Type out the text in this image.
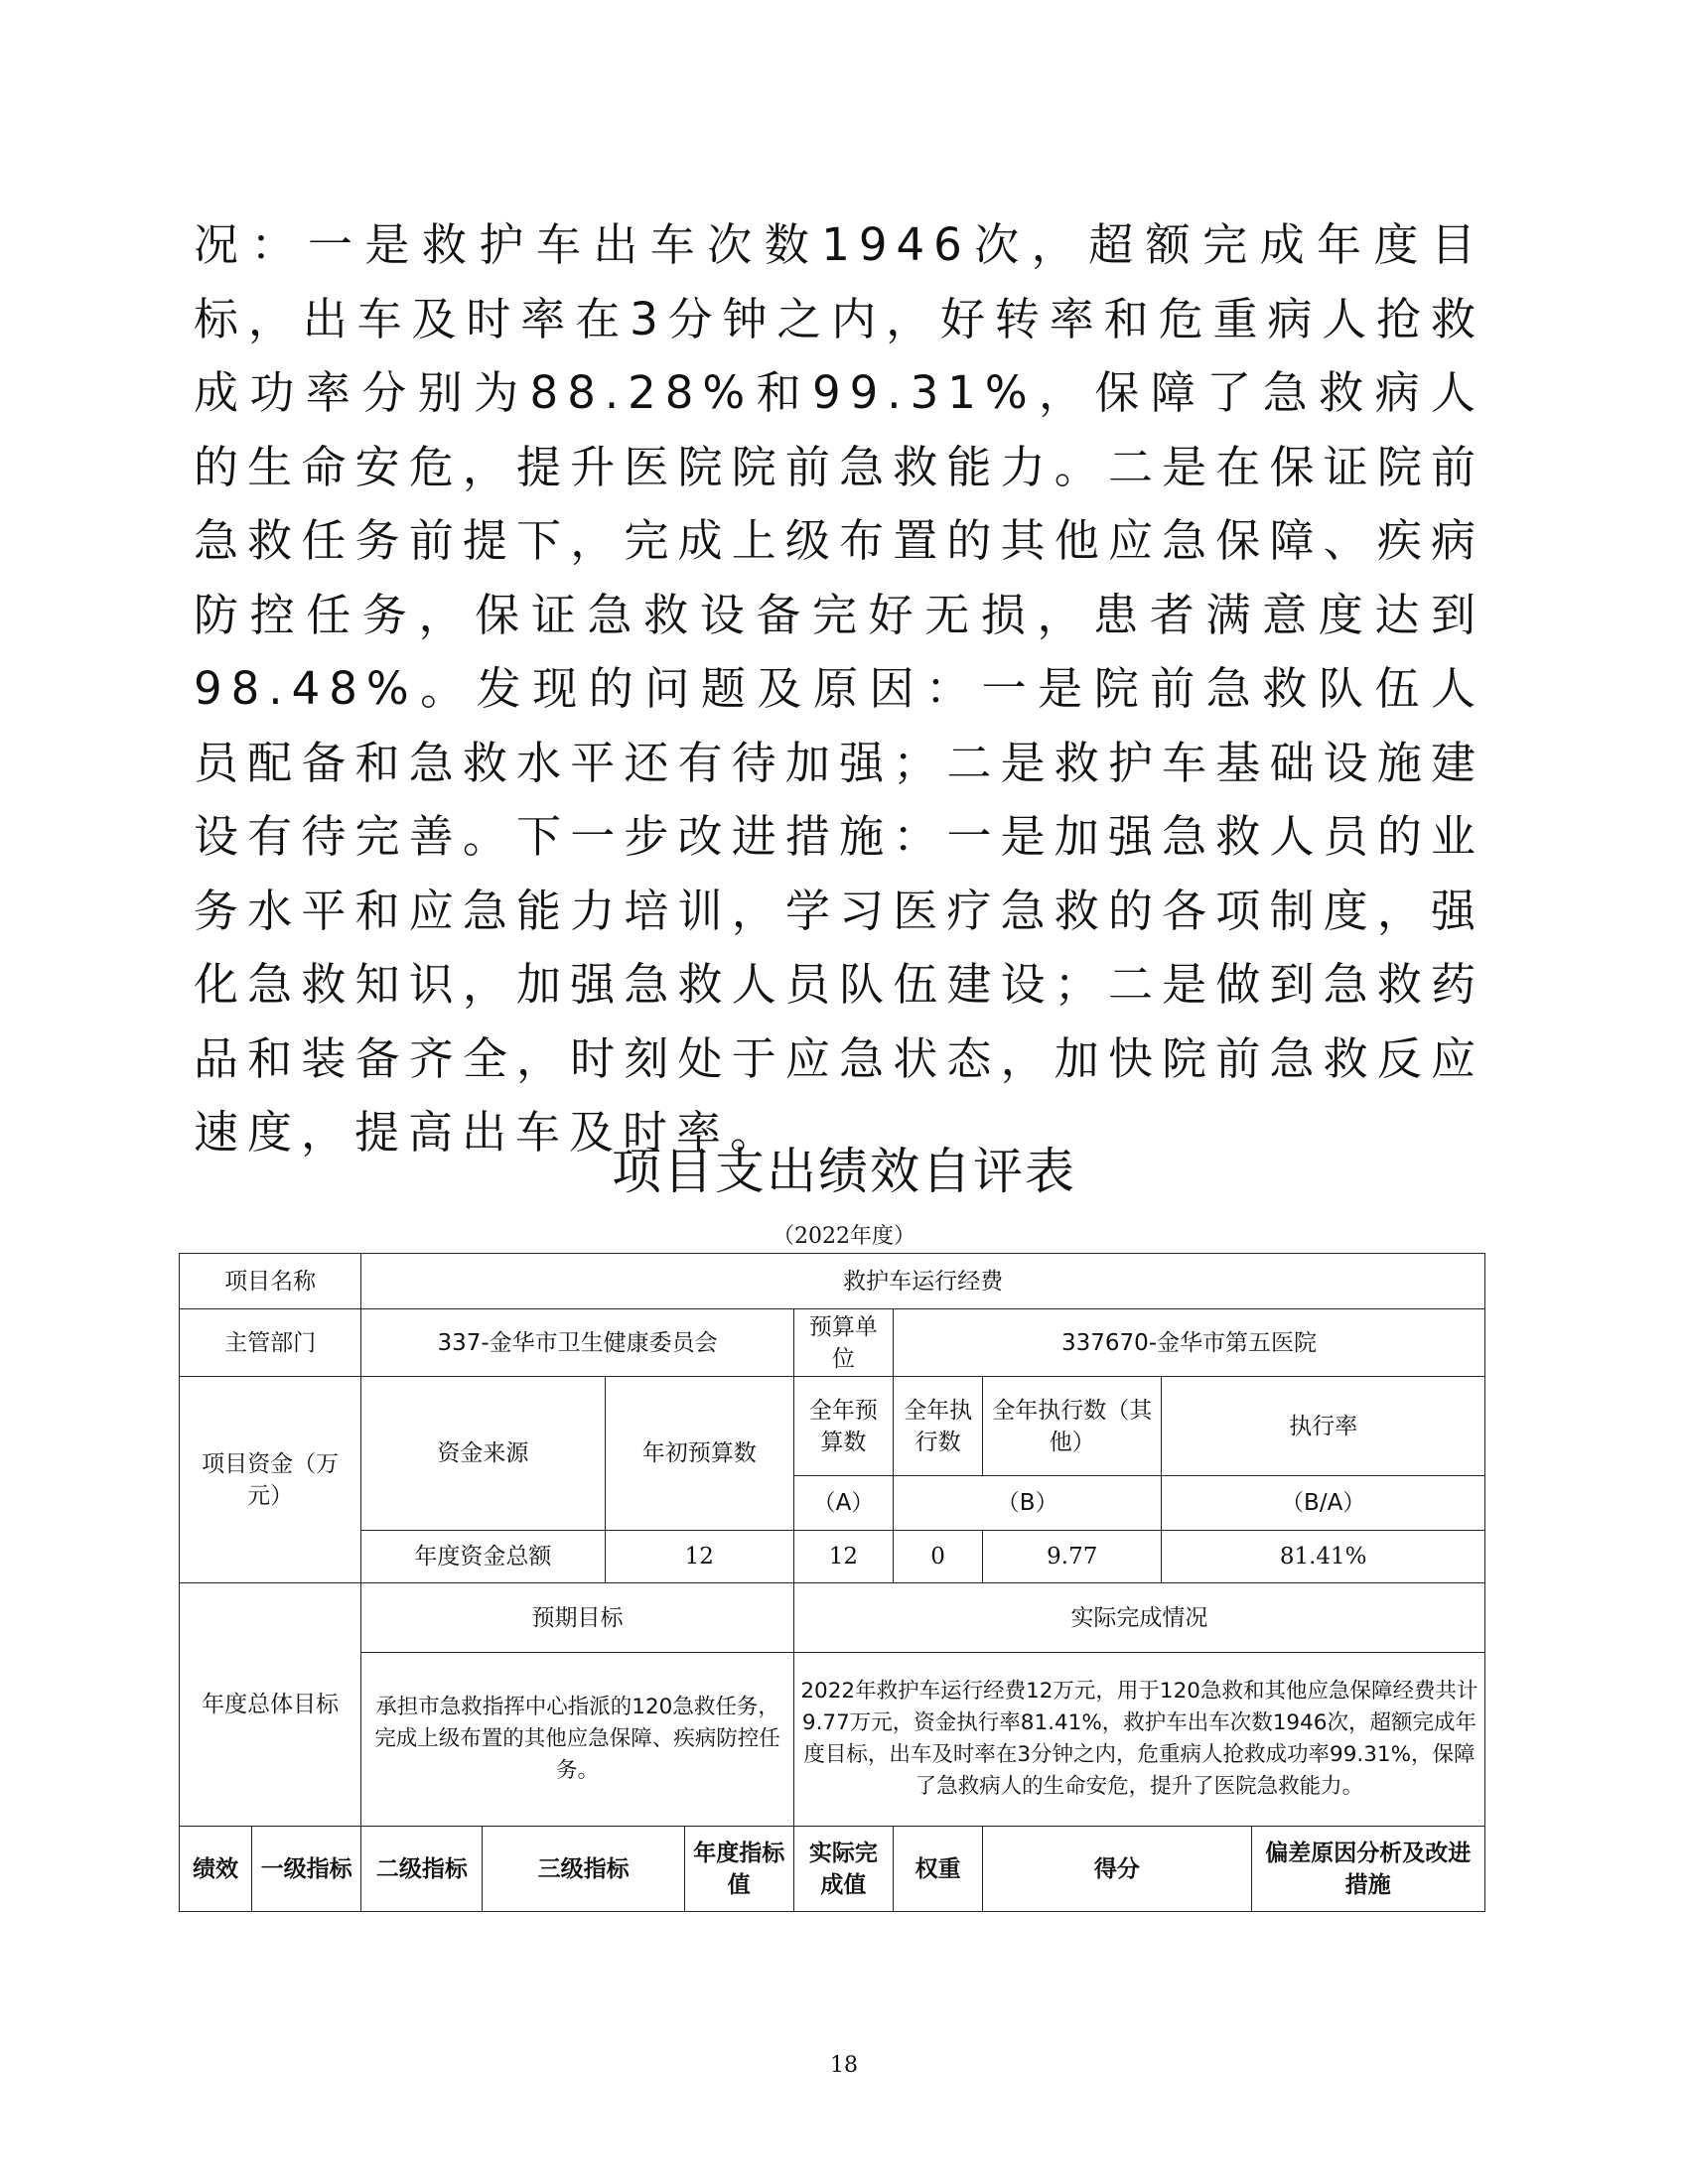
况：一是救护车出车次数1946次，超额完成年度目标，出车及时率在3分钟之内，好转率和危重病人抢救成功率分别为88.28%和99.31%，保障了急救病人的生命安危，提升医院院前急救能力。二是在保证院前急救任务前提下，完成上级布置的其他应急保障、疾病防控任务，保证急救设备完好无损，患者满意度达到98.48%。发现的问题及原因：一是院前急救队伍人员配备和急救水平还有待加强；二是救护车基础设施建设有待完善。下一步改进措施：一是加强急救人员的业务水平和应急能力培训，学习医疗急救的各项制度，强化急救知识，加强急救人员队伍建设；二是做到急救药品和装备齐全，时刻处于应急状态，加快院前急救反应速度，提高出车及时率。
项目支出绩效自评表
（2022年度）
项目名称		救护车运行经费								
主管部门		337-金华市卫生健康委员会				预算单位	337670-金华市第五医院			
项目资金（万元）		资金来源		年初预算数		全年预算数	全年执行数	全年执行数（其他）	执行率	
						（A）	（B）		（B/A）	
		年度资金总额		12		12	0	9.77	81.41%	
年度总体目标		预期目标				实际完成情况				
		承担市急救指挥中心指派的120急救任务，完成上级布置的其他应急保障、疾病防控任务。				2022年救护车运行经费12万元，用于120急救和其他应急保障经费共计9.77万元，资金执行率81.41%，救护车出车次数1946次，超额完成年度目标，出车及时率在3分钟之内，危重病人抢救成功率99.31%，保障了急救病人的生命安危，提升了医院急救能力。				
绩效	一级指标	二级指标	三级指标		年度指标值	实际完成值	权重	得分		偏差原因分析及改进措施
18
